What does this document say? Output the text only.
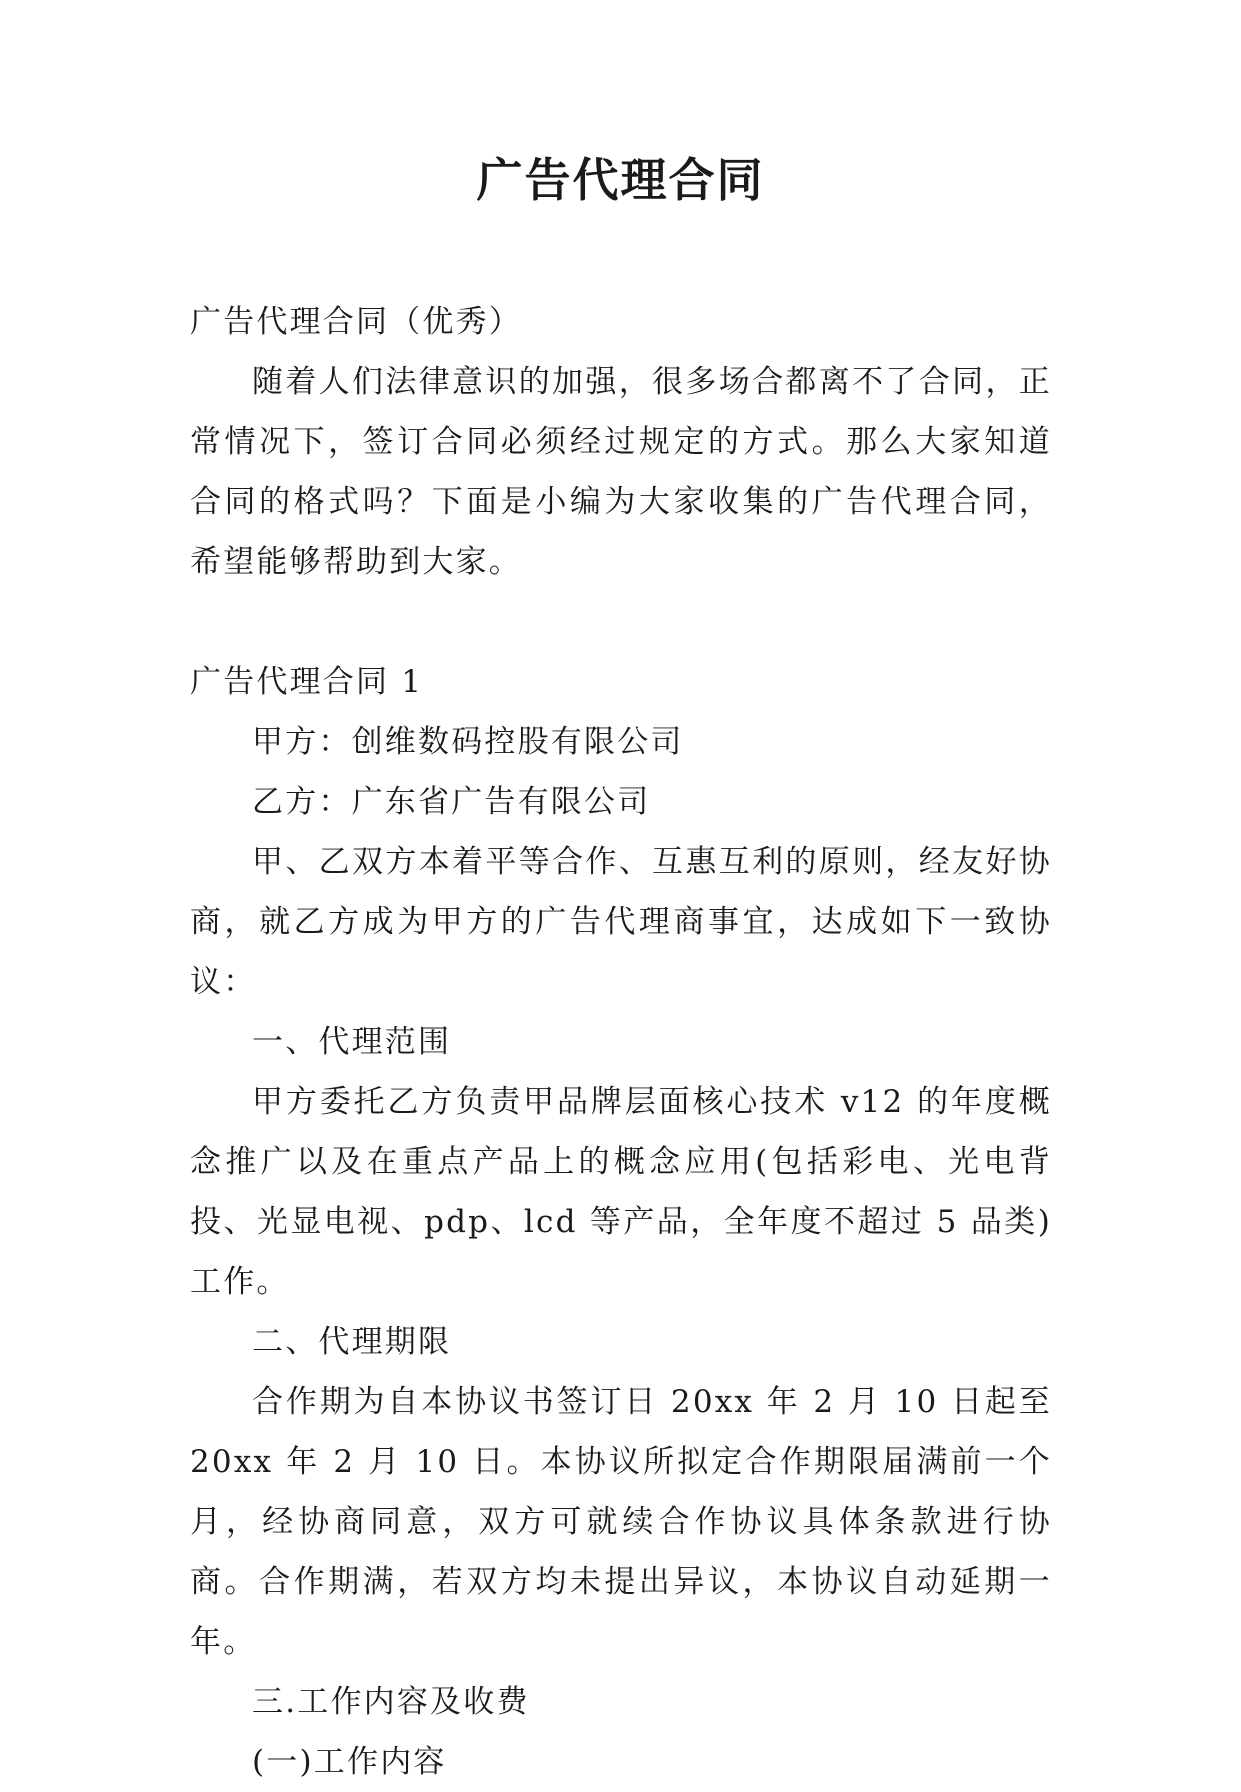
广告代理合同

广告代理合同（优秀）

随着人们法律意识的加强，很多场合都离不了合同，正常情况下，签订合同必须经过规定的方式。那么大家知道合同的格式吗？下面是小编为大家收集的广告代理合同，希望能够帮助到大家。

广告代理合同 1

甲方：创维数码控股有限公司

乙方：广东省广告有限公司

甲、乙双方本着平等合作、互惠互利的原则，经友好协商，就乙方成为甲方的广告代理商事宜，达成如下一致协议：

一、代理范围

甲方委托乙方负责甲品牌层面核心技术 v12 的年度概念推广以及在重点产品上的概念应用(包括彩电、光电背投、光显电视、pdp、lcd 等产品，全年度不超过 5 品类)工作。

二、代理期限

合作期为自本协议书签订日 20xx 年 2 月 10 日起至 20xx 年 2 月 10 日。本协议所拟定合作期限届满前一个月，经协商同意，双方可就续合作协议具体条款进行协商。合作期满，若双方均未提出异议，本协议自动延期一年。

三.工作内容及收费

(一)工作内容
